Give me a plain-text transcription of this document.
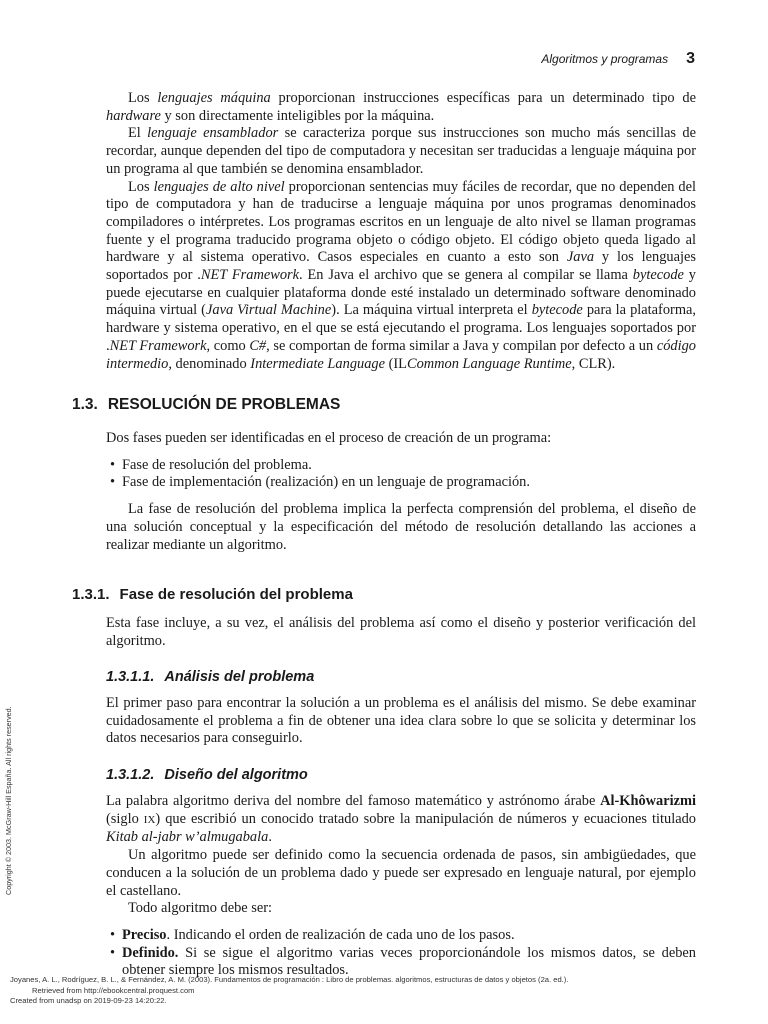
Algoritmos y programas 3

Los lenguajes máquina proporcionan instrucciones específicas para un determinado tipo de hardware y son directamente inteligibles por la máquina.

El lenguaje ensamblador se caracteriza porque sus instrucciones son mucho más sencillas de recordar, aunque dependen del tipo de computadora y necesitan ser traducidas a lenguaje máquina por un programa al que también se denomina ensamblador.

Los lenguajes de alto nivel proporcionan sentencias muy fáciles de recordar, que no dependen del tipo de computadora y han de traducirse a lenguaje máquina por unos programas denominados compiladores o intérpretes. Los programas escritos en un lenguaje de alto nivel se llaman programas fuente y el programa traducido programa objeto o código objeto. El código objeto queda ligado al hardware y al sistema operativo. Casos especiales en cuanto a esto son Java y los lenguajes soportados por .NET Framework. En Java el archivo que se genera al compilar se llama bytecode y puede ejecutarse en cualquier plataforma donde esté instalado un determinado software denominado máquina virtual (Java Virtual Machine). La máquina virtual interpreta el bytecode para la plataforma, hardware y sistema operativo, en el que se está ejecutando el programa. Los lenguajes soportados por .NET Framework, como C#, se comportan de forma similar a Java y compilan por defecto a un código intermedio, denominado Intermediate Language (ILCommon Language Runtime, CLR).

1.3. RESOLUCIÓN DE PROBLEMAS

Dos fases pueden ser identificadas en el proceso de creación de un programa:

• Fase de resolución del problema.
• Fase de implementación (realización) en un lenguaje de programación.

La fase de resolución del problema implica la perfecta comprensión del problema, el diseño de una solución conceptual y la especificación del método de resolución detallando las acciones a realizar mediante un algoritmo.

1.3.1. Fase de resolución del problema

Esta fase incluye, a su vez, el análisis del problema así como el diseño y posterior verificación del algoritmo.

1.3.1.1. Análisis del problema

El primer paso para encontrar la solución a un problema es el análisis del mismo. Se debe examinar cuidadosamente el problema a fin de obtener una idea clara sobre lo que se solicita y determinar los datos necesarios para conseguirlo.

1.3.1.2. Diseño del algoritmo

La palabra algoritmo deriva del nombre del famoso matemático y astrónomo árabe Al-Khôwarizmi (siglo IX) que escribió un conocido tratado sobre la manipulación de números y ecuaciones titulado Kitab al-jabr w’almugabala.

Un algoritmo puede ser definido como la secuencia ordenada de pasos, sin ambigüedades, que conducen a la solución de un problema dado y puede ser expresado en lenguaje natural, por ejemplo el castellano.

Todo algoritmo debe ser:

• Preciso. Indicando el orden de realización de cada uno de los pasos.
• Definido. Si se sigue el algoritmo varias veces proporcionándole los mismos datos, se deben obtener siempre los mismos resultados.
Copyright © 2003. McGraw-Hill España. All rights reserved.
Joyanes, A. L., Rodríguez, B. L., & Fernández, A. M. (2003). Fundamentos de programación : Libro de problemas. algoritmos, estructuras de datos y objetos (2a. ed.).
Retrieved from http://ebookcentral.proquest.com
Created from unadsp on 2019-09-23 14:20:22.
